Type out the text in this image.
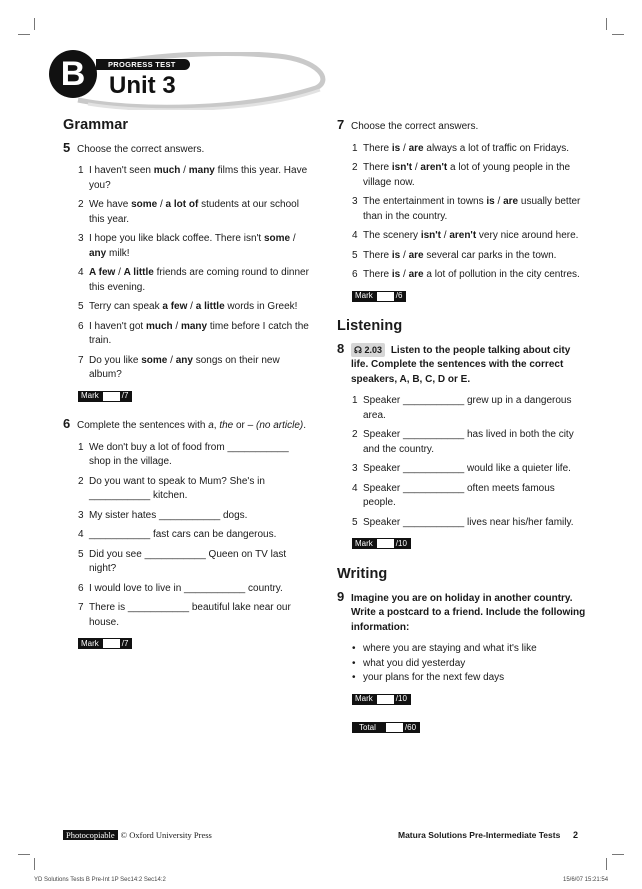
B	PROGRESS TEST
Unit 3
Grammar
5 Choose the correct answers.
1 I haven't seen much / many films this year. Have you?
2 We have some / a lot of students at our school this year.
3 I hope you like black coffee. There isn't some / any milk!
4 A few / A little friends are coming round to dinner this evening.
5 Terry can speak a few / a little words in Greek!
6 I haven't got much / many time before I catch the train.
7 Do you like some / any songs on their new album?
Mark	/7
6 Complete the sentences with a, the or – (no article).
1 We don't buy a lot of food from ___________ shop in the village.
2 Do you want to speak to Mum? She's in ___________ kitchen.
3 My sister hates ___________ dogs.
4 ___________ fast cars can be dangerous.
5 Did you see ___________ Queen on TV last night?
6 I would love to live in ___________ country.
7 There is ___________ beautiful lake near our house.
Mark	/7
7 Choose the correct answers.
1 There is / are always a lot of traffic on Fridays.
2 There isn't / aren't a lot of young people in the village now.
3 The entertainment in towns is / are usually better than in the country.
4 The scenery isn't / aren't very nice around here.
5 There is / are several car parks in the town.
6 There is / are a lot of pollution in the city centres.
Mark	/6
Listening
8	☊ 2.03 Listen to the people talking about city life. Complete the sentences with the correct speakers, A, B, C, D or E.
1 Speaker ___________ grew up in a dangerous area.
2 Speaker ___________ has lived in both the city and the country.
3 Speaker ___________ would like a quieter life.
4 Speaker ___________ often meets famous people.
5 Speaker ___________ lives near his/her family.
Mark	/10
Writing
9 Imagine you are on holiday in another country. Write a postcard to a friend. Include the following information:
• where you are staying and what it's like
• what you did yesterday
• your plans for the next few days
Mark	/10

Total	/60
Photocopiable © Oxford University Press	Matura Solutions Pre-Intermediate Tests 2
YD Solutions Tests B Pre-Int 1P Sec14:2 Sec14:2	15/6/07 15:21:54
